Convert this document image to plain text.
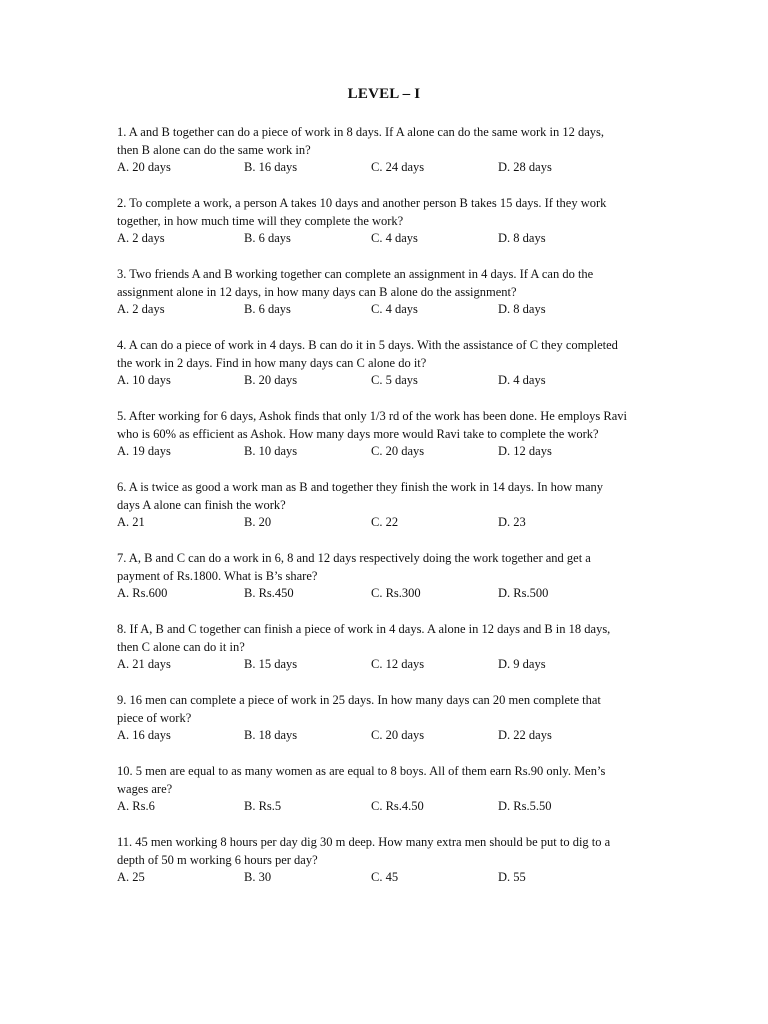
LEVEL – I
1. A and B together can do a piece of work in 8 days. If A alone can do the same work in 12 days,
then B alone can do the same work in?
A. 20 days	B. 16 days	C. 24 days	D. 28 days
2. To complete a work, a person A takes 10 days and another person B takes 15 days. If they work
together, in how much time will they complete the work?
A. 2 days	B. 6 days	C. 4 days	D. 8 days
3. Two friends A and B working together can complete an assignment in 4 days. If A can do the
assignment alone in 12 days, in how many days can B alone do the assignment?
A. 2 days	B. 6 days	C. 4 days	D. 8 days
4. A can do a piece of work in 4 days. B can do it in 5 days. With the assistance of C they completed
the work in 2 days. Find in how many days can C alone do it?
A. 10 days	B. 20 days	C. 5 days	D. 4 days
5. After working for 6 days, Ashok finds that only 1/3 rd of the work has been done. He employs Ravi
who is 60% as efficient as Ashok. How many days more would Ravi take to complete the work?
A. 19 days	B. 10 days	C. 20 days	D. 12 days
6. A is twice as good a work man as B and together they finish the work in 14 days. In how many
days A alone can finish the work?
A. 21	B. 20	C. 22	D. 23
7. A, B and C can do a work in 6, 8 and 12 days respectively doing the work together and get a
payment of Rs.1800. What is B’s share?
A. Rs.600	B. Rs.450	C. Rs.300	D. Rs.500
8. If A, B and C together can finish a piece of work in 4 days. A alone in 12 days and B in 18 days,
then C alone can do it in?
A. 21 days	B. 15 days	C. 12 days	D. 9 days
9. 16 men can complete a piece of work in 25 days. In how many days can 20 men complete that
piece of work?
A. 16 days	B. 18 days	C. 20 days	D. 22 days
10. 5 men are equal to as many women as are equal to 8 boys. All of them earn Rs.90 only. Men’s
wages are?
A. Rs.6	B. Rs.5	C. Rs.4.50	D. Rs.5.50
11. 45 men working 8 hours per day dig 30 m deep. How many extra men should be put to dig to a
depth of 50 m working 6 hours per day?
A. 25	B. 30	C. 45	D. 55
